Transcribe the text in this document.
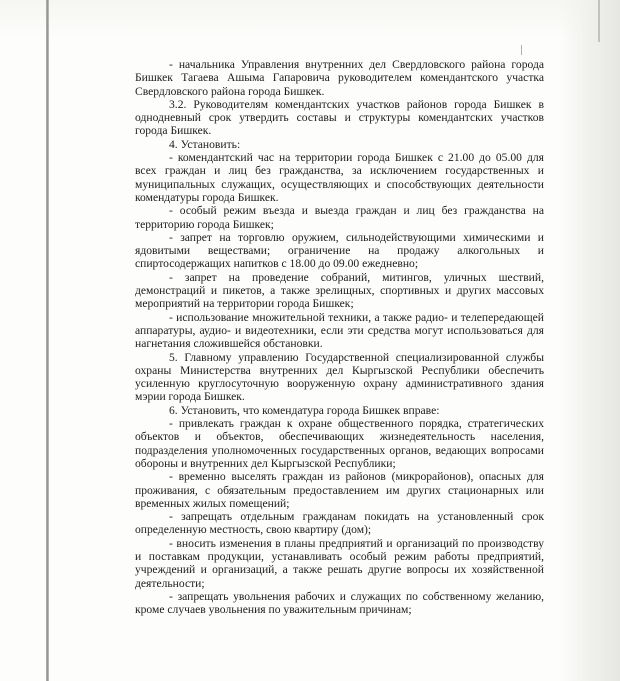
- начальника Управления внутренних дел Свердловского района города Бишкек Тагаева Ашыма Гапаровича руководителем комендантского участка Свердловского района города Бишкек.

3.2. Руководителям комендантских участков районов города Бишкек в однодневный срок утвердить составы и структуры комендантских участков города Бишкек.

4. Установить:

- комендантский час на территории города Бишкек с 21.00 до 05.00 для всех граждан и лиц без гражданства, за исключением государственных и муниципальных служащих, осуществляющих и способствующих деятельности комендатуры города Бишкек.

- особый режим въезда и выезда граждан и лиц без гражданства на территорию города Бишкек;

- запрет на торговлю оружием, сильнодействующими химическими и ядовитыми веществами; ограничение на продажу алкогольных и спиртосодержащих напитков с 18.00 до 09.00 ежедневно;

- запрет на проведение собраний, митингов, уличных шествий, демонстраций и пикетов, а также зрелищных, спортивных и других массовых мероприятий на территории города Бишкек;

- использование множительной техники, а также радио- и телепередающей аппаратуры, аудио- и видеотехники, если эти средства могут использоваться для нагнетания сложившейся обстановки.

5. Главному управлению Государственной специализированной службы охраны Министерства внутренних дел Кыргызской Республики обеспечить усиленную круглосуточную вооруженную охрану административного здания мэрии города Бишкек.

6. Установить, что комендатура города Бишкек вправе:

- привлекать граждан к охране общественного порядка, стратегических объектов и объектов, обеспечивающих жизнедеятельность населения, подразделения уполномоченных государственных органов, ведающих вопросами обороны и внутренних дел Кыргызской Республики;

- временно выселять граждан из районов (микрорайонов), опасных для проживания, с обязательным предоставлением им других стационарных или временных жилых помещений;

- запрещать отдельным гражданам покидать на установленный срок определенную местность, свою квартиру (дом);

- вносить изменения в планы предприятий и организаций по производству и поставкам продукции, устанавливать особый режим работы предприятий, учреждений и организаций, а также решать другие вопросы их хозяйственной деятельности;

- запрещать увольнения рабочих и служащих по собственному желанию, кроме случаев увольнения по уважительным причинам;
